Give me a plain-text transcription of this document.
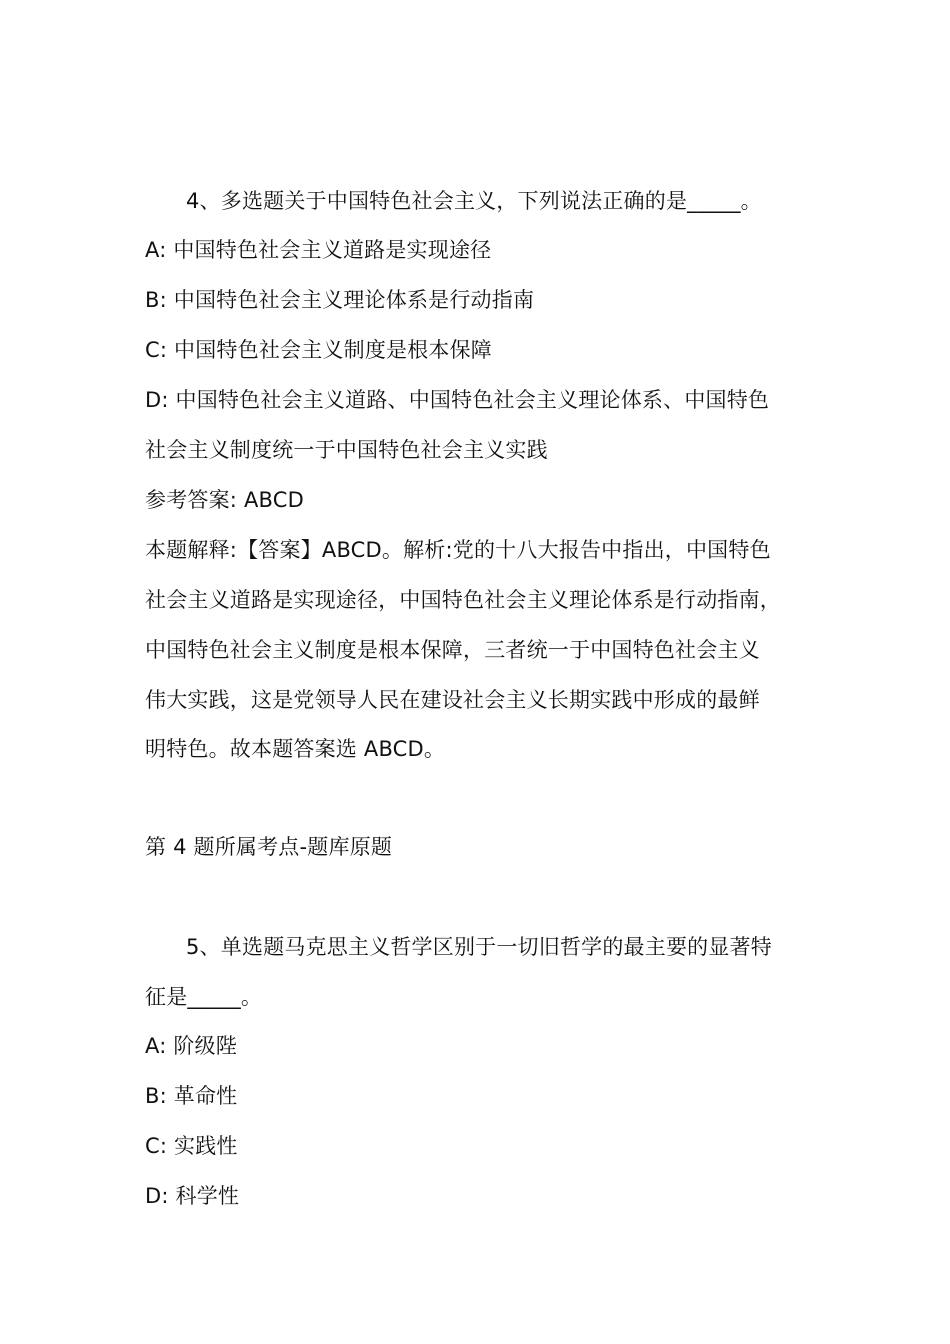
4、多选题关于中国特色社会主义，下列说法正确的是_____。
A: 中国特色社会主义道路是实现途径
B: 中国特色社会主义理论体系是行动指南
C: 中国特色社会主义制度是根本保障
D: 中国特色社会主义道路、中国特色社会主义理论体系、中国特色
社会主义制度统一于中国特色社会主义实践
参考答案: ABCD
本题解释:【答案】ABCD。解析:党的十八大报告中指出，中国特色
社会主义道路是实现途径，中国特色社会主义理论体系是行动指南，
中国特色社会主义制度是根本保障，三者统一于中国特色社会主义
伟大实践，这是党领导人民在建设社会主义长期实践中形成的最鲜
明特色。故本题答案选 ABCD。
第 4 题所属考点-题库原题
5、单选题马克思主义哲学区别于一切旧哲学的最主要的显著特
征是_____。
A: 阶级陛
B: 革命性
C: 实践性
D: 科学性
